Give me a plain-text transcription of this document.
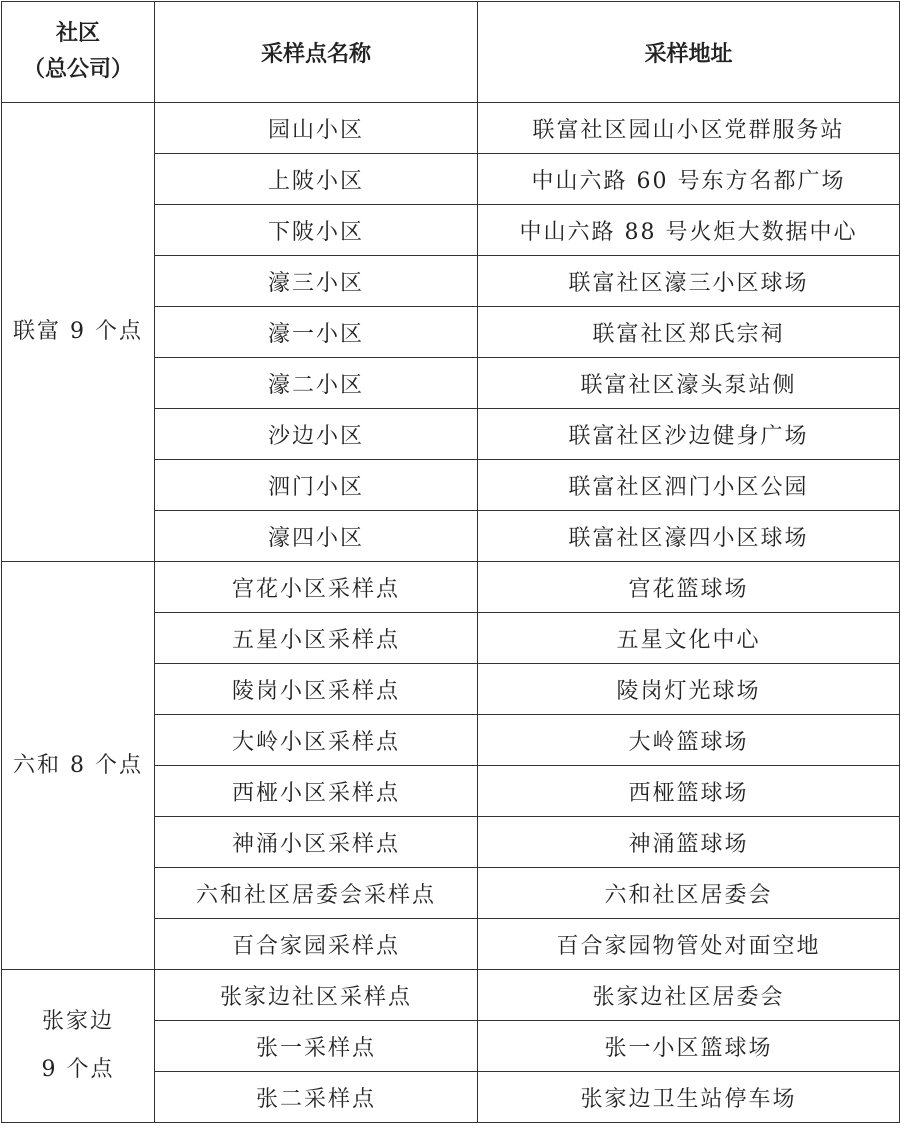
社区
（总公司）	采样点名称	采样地址

联富 9 个点	园山小区	联富社区园山小区党群服务站
	上陂小区	中山六路 60 号东方名都广场
	下陂小区	中山六路 88 号火炬大数据中心
	濠三小区	联富社区濠三小区球场
	濠一小区	联富社区郑氏宗祠
	濠二小区	联富社区濠头泵站侧
	沙边小区	联富社区沙边健身广场
	泗门小区	联富社区泗门小区公园
	濠四小区	联富社区濠四小区球场

六和 8 个点	宫花小区采样点	宫花篮球场
	五星小区采样点	五星文化中心
	陵岗小区采样点	陵岗灯光球场
	大岭小区采样点	大岭篮球场
	西桠小区采样点	西桠篮球场
	神涌小区采样点	神涌篮球场
	六和社区居委会采样点	六和社区居委会
	百合家园采样点	百合家园物管处对面空地

张家边
9 个点	张家边社区采样点	张家边社区居委会
	张一采样点	张一小区篮球场
	张二采样点	张家边卫生站停车场
